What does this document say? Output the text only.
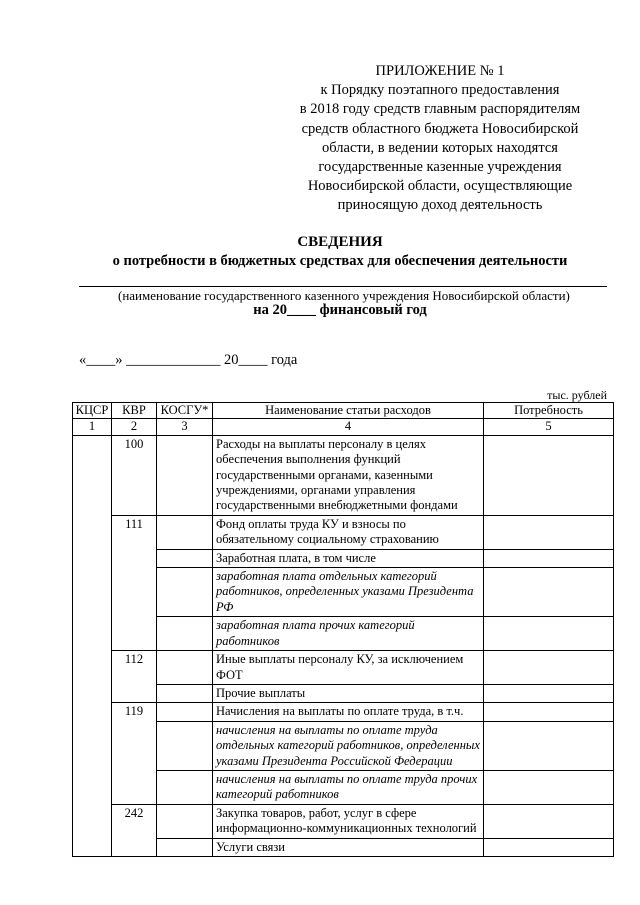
ПРИЛОЖЕНИЕ № 1
к Порядку поэтапного предоставления
в 2018 году средств главным распорядителям
средств областного бюджета Новосибирской
области, в ведении которых находятся
государственные казенные учреждения
Новосибирской области, осуществляющие
приносящую доход деятельность
СВЕДЕНИЯ
о потребности в бюджетных средствах для обеспечения деятельности
(наименование государственного казенного учреждения Новосибирской области)
на 20____ финансовый год
«____» _____________ 20____ года
тыс. рублей
КЦСР	КВР	КОСГУ*	Наименование статьи расходов	Потребность
1	2	3	4	5
	100		Расходы на выплаты персоналу в целях обеспечения выполнения функций государственными органами, казенными учреждениями, органами управления государственными внебюджетными фондами	
	111		Фонд оплаты труда КУ и взносы по обязательному социальному страхованию	
			Заработная плата, в том числе	
			заработная плата отдельных категорий работников, определенных указами Президента РФ	
			заработная плата прочих категорий работников	
	112		Иные выплаты персоналу КУ, за исключением ФОТ	
			Прочие выплаты	
	119		Начисления на выплаты по оплате труда, в т.ч.	
			начисления на выплаты по оплате труда отдельных категорий работников, определенных указами Президента Российской Федерации	
			начисления на выплаты по оплате труда прочих категорий работников	
	242		Закупка товаров, работ, услуг в сфере информационно-коммуникационных технологий	
			Услуги связи	
